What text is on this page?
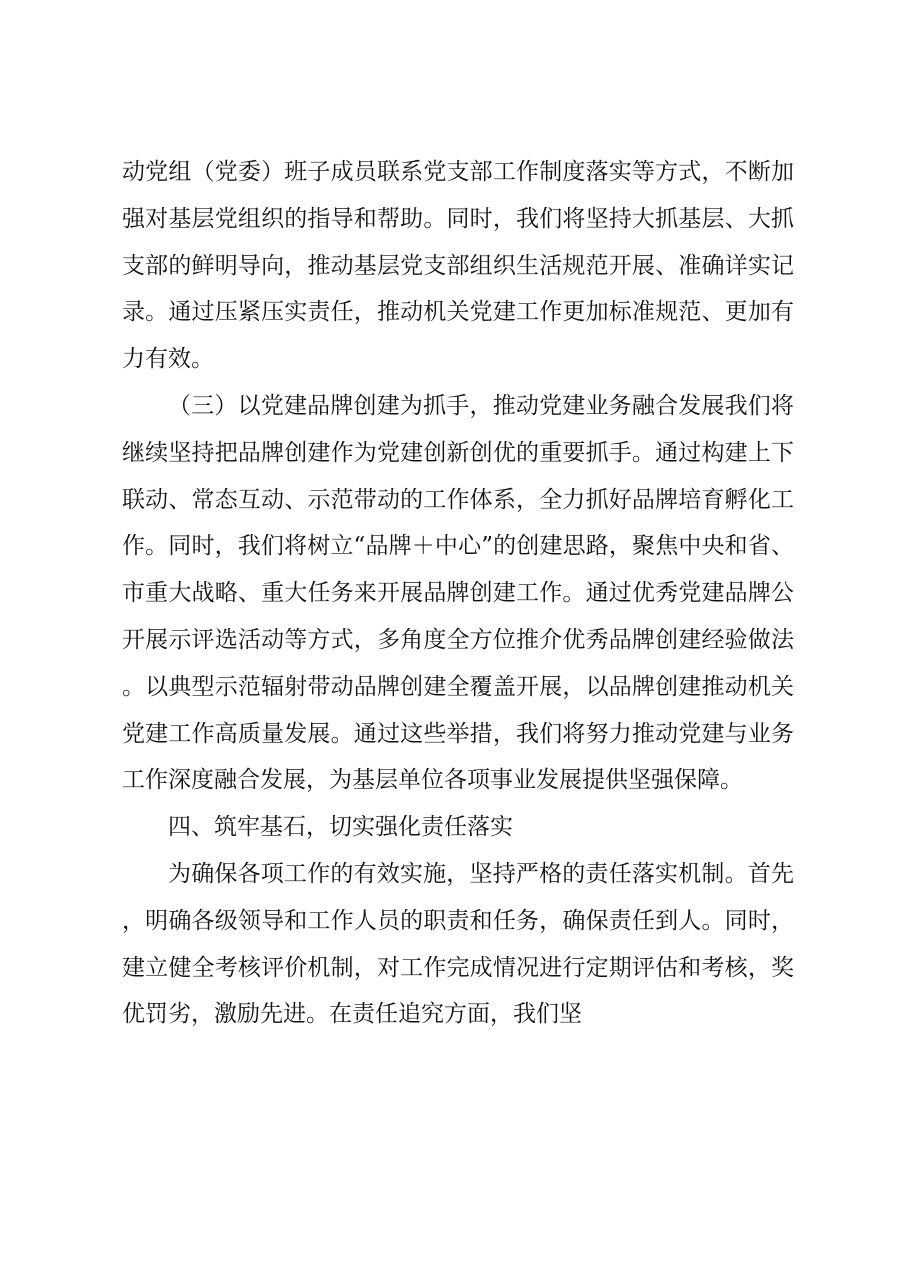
动党组（党委）班子成员联系党支部工作制度落实等方式，不断加强对基层党组织的指导和帮助。同时，我们将坚持大抓基层、大抓支部的鲜明导向，推动基层党支部组织生活规范开展、准确详实记录。通过压紧压实责任，推动机关党建工作更加标准规范、更加有力有效。

（三）以党建品牌创建为抓手，推动党建业务融合发展我们将继续坚持把品牌创建作为党建创新创优的重要抓手。通过构建上下联动、常态互动、示范带动的工作体系，全力抓好品牌培育孵化工作。同时，我们将树立“品牌＋中心”的创建思路，聚焦中央和省、市重大战略、重大任务来开展品牌创建工作。通过优秀党建品牌公开展示评选活动等方式，多角度全方位推介优秀品牌创建经验做法。以典型示范辐射带动品牌创建全覆盖开展，以品牌创建推动机关党建工作高质量发展。通过这些举措，我们将努力推动党建与业务工作深度融合发展，为基层单位各项事业发展提供坚强保障。

四、筑牢基石，切实强化责任落实

为确保各项工作的有效实施，坚持严格的责任落实机制。首先，明确各级领导和工作人员的职责和任务，确保责任到人。同时，建立健全考核评价机制，对工作完成情况进行定期评估和考核，奖优罚劣，激励先进。在责任追究方面，我们坚
